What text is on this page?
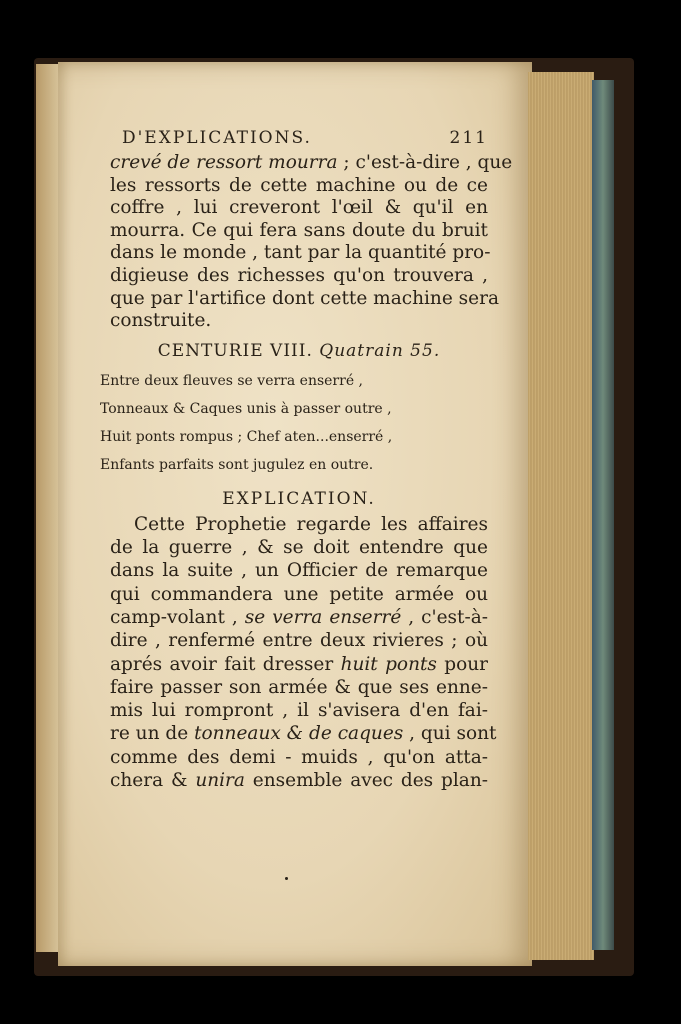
D'EXPLICATIONS.	211
crevé de ressort mourra ; c'est-à-dire , que
les ressorts de cette machine ou de ce
coffre , lui creveront l'œil & qu'il en
mourra. Ce qui fera sans doute du bruit
dans le monde , tant par la quantité pro-
digieuse des richesses qu'on trouvera ,
que par l'artifice dont cette machine sera
construite.
CENTURIE VIII. Quatrain 55.
Entre deux fleuves se verra enserré ,
Tonneaux & Caques unis à passer outre ,
Huit ponts rompus ; Chef aten...enserré ,
Enfants parfaits sont jugulez en outre.
EXPLICATION.
Cette Prophetie regarde les affaires
de la guerre , & se doit entendre que
dans la suite , un Officier de remarque
qui commandera une petite armée ou
camp-volant , se verra enserré , c'est-à-
dire , renfermé entre deux rivieres ; où
aprés avoir fait dresser huit ponts pour
faire passer son armée & que ses enne-
mis lui rompront , il s'avisera d'en fai-
re un de tonneaux & de caques , qui sont
comme des demi - muids , qu'on atta-
chera & unira ensemble avec des plan-
